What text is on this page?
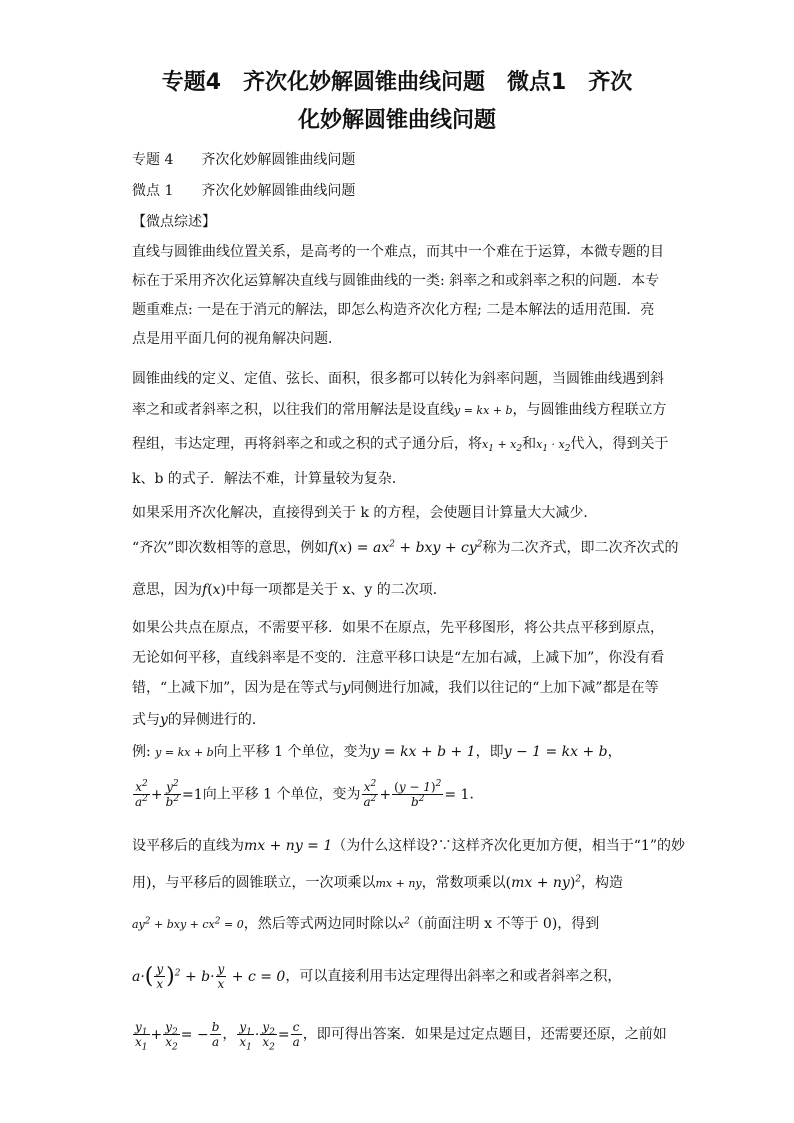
专题4　齐次化妙解圆锥曲线问题　微点1　齐次
化妙解圆锥曲线问题
专题 4　　齐次化妙解圆锥曲线问题
微点 1　　齐次化妙解圆锥曲线问题
【微点综述】
直线与圆锥曲线位置关系，是高考的一个难点，而其中一个难在于运算，本微专题的目
标在于采用齐次化运算解决直线与圆锥曲线的一类: 斜率之和或斜率之积的问题．本专
题重难点: 一是在于消元的解法，即怎么构造齐次化方程; 二是本解法的适用范围．亮
点是用平面几何的视角解决问题．
圆锥曲线的定义、定值、弦长、面积，很多都可以转化为斜率问题，当圆锥曲线遇到斜
率之和或者斜率之积，以往我们的常用解法是设直线y = kx + b，与圆锥曲线方程联立方
程组，韦达定理，再将斜率之和或之积的式子通分后，将$x_1 + x_2$和$x_1 \cdot x_2$代入，得到关于
k、b 的式子．解法不难，计算量较为复杂．
如果采用齐次化解决，直接得到关于 k 的方程，会使题目计算量大大减少．
“齐次”即次数相等的意思，例如$f(x) = ax^2$ + bxy + $cy^2$称为二次齐式，即二次齐次式的
意思，因为f(x)中每一项都是关于 x、y 的二次项．
如果公共点在原点，不需要平移．如果不在原点，先平移图形，将公共点平移到原点，
无论如何平移，直线斜率是不变的．注意平移口诀是“左加右减，上减下加”，你没有看
错，“上减下加”，因为是在等式与y同侧进行加减，我们以往记的“上加下减”都是在等
式与y的异侧进行的．
例: y = kx + b向上平移 1 个单位，变为y = kx + b + 1，即y − 1 = kx + b，
$\frac{x^2}{a^2} + \frac{y^2}{b^2} =1$向上平移 1 个单位，变为 $\frac{x^2}{a^2} + \frac{(y - 1)^2}{b^2} = 1$．
设平移后的直线为mx + ny = 1（为什么这样设?∵这样齐次化更加方便，相当于“1”的妙
用)，与平移后的圆锥联立，一次项乘以mx + ny，常数项乘以(mx + ny)$^2$，构造
$ay^2$ + bxy + $cx^2 = 0$，然后等式两边同时除以$x^2$（前面注明 x 不等于 0)，得到
$a\cdot( \frac{y}{x} )^2 + b\cdot \frac{y}{x} + c = 0$，可以直接利用韦达定理得出斜率之和或者斜率之积，
$\frac{y_1}{x_1} + \frac{y_2}{x_2}$ = − $\frac{b}{a}$ ， $\frac{y_1}{x_1} \cdot \frac{y_2}{x_2} = \frac{c}{a}$ ，即可得出答案．如果是过定点题目，还需要还原，之前如
